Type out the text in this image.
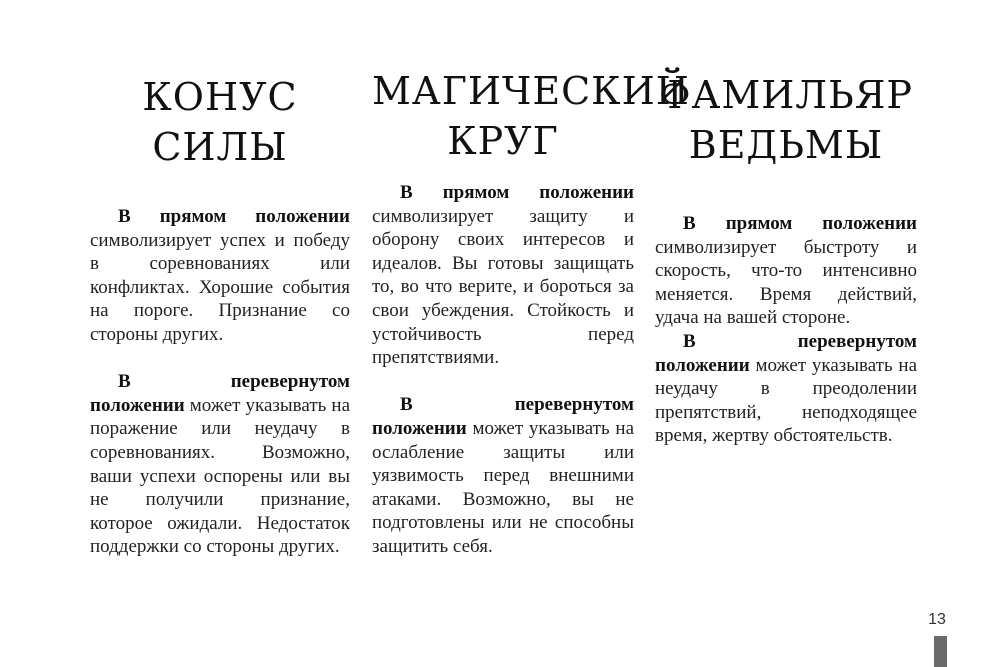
КОНУС
СИЛЫ

В прямом положении символизирует успех и победу в соревнованиях или конфликтах. Хорошие события на пороге. Признание со стороны других.

В перевернутом положении может указывать на поражение или неудачу в соревнованиях. Возможно, ваши успехи оспорены или вы не получили признание, которое ожидали. Недостаток поддержки со стороны других.

МАГИЧЕСКИЙ
КРУГ

В прямом положении символизирует защиту и оборону своих интересов и идеалов. Вы готовы защищать то, во что верите, и бороться за свои убеждения. Стойкость и устойчивость перед препятствиями.

В перевернутом положении может указывать на ослабление защиты или уязвимость перед внешними атаками. Возможно, вы не подготовлены или не способны защитить себя.

ФАМИЛЬЯР
ВЕДЬМЫ

В прямом положении символизирует быстроту и скорость, что-то интенсивно меняется. Время действий, удача на вашей стороне.

В перевернутом положении может указывать на неудачу в преодолении препятствий, неподходящее время, жертву обстоятельств.

13
